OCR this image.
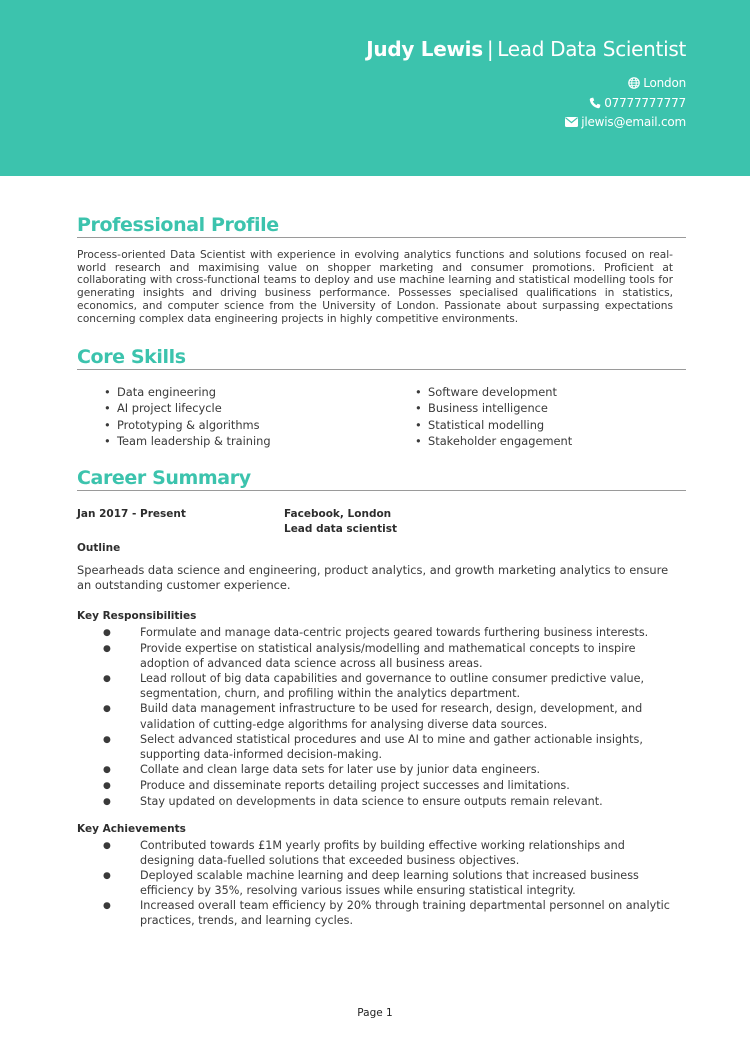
Judy Lewis | Lead Data Scientist
London
07777777777
jlewis@email.com
Professional Profile
Process-oriented Data Scientist with experience in evolving analytics functions and solutions focused on real-world research and maximising value on shopper marketing and consumer promotions. Proficient at collaborating with cross-functional teams to deploy and use machine learning and statistical modelling tools for generating insights and driving business performance. Possesses specialised qualifications in statistics, economics, and computer science from the University of London. Passionate about surpassing expectations concerning complex data engineering projects in highly competitive environments.
Core Skills
• Data engineering
• AI project lifecycle
• Prototyping & algorithms
• Team leadership & training
• Software development
• Business intelligence
• Statistical modelling
• Stakeholder engagement
Career Summary
Jan 2017 - Present	Facebook, London
Lead data scientist
Outline
Spearheads data science and engineering, product analytics, and growth marketing analytics to ensure an outstanding customer experience.
Key Responsibilities
●	Formulate and manage data-centric projects geared towards furthering business interests.
●	Provide expertise on statistical analysis/modelling and mathematical concepts to inspire adoption of advanced data science across all business areas.
●	Lead rollout of big data capabilities and governance to outline consumer predictive value, segmentation, churn, and profiling within the analytics department.
●	Build data management infrastructure to be used for research, design, development, and validation of cutting-edge algorithms for analysing diverse data sources.
●	Select advanced statistical procedures and use AI to mine and gather actionable insights, supporting data-informed decision-making.
●	Collate and clean large data sets for later use by junior data engineers.
●	Produce and disseminate reports detailing project successes and limitations.
●	Stay updated on developments in data science to ensure outputs remain relevant.
Key Achievements
●	Contributed towards £1M yearly profits by building effective working relationships and designing data-fuelled solutions that exceeded business objectives.
●	Deployed scalable machine learning and deep learning solutions that increased business efficiency by 35%, resolving various issues while ensuring statistical integrity.
●	Increased overall team efficiency by 20% through training departmental personnel on analytic practices, trends, and learning cycles.
Page 1
